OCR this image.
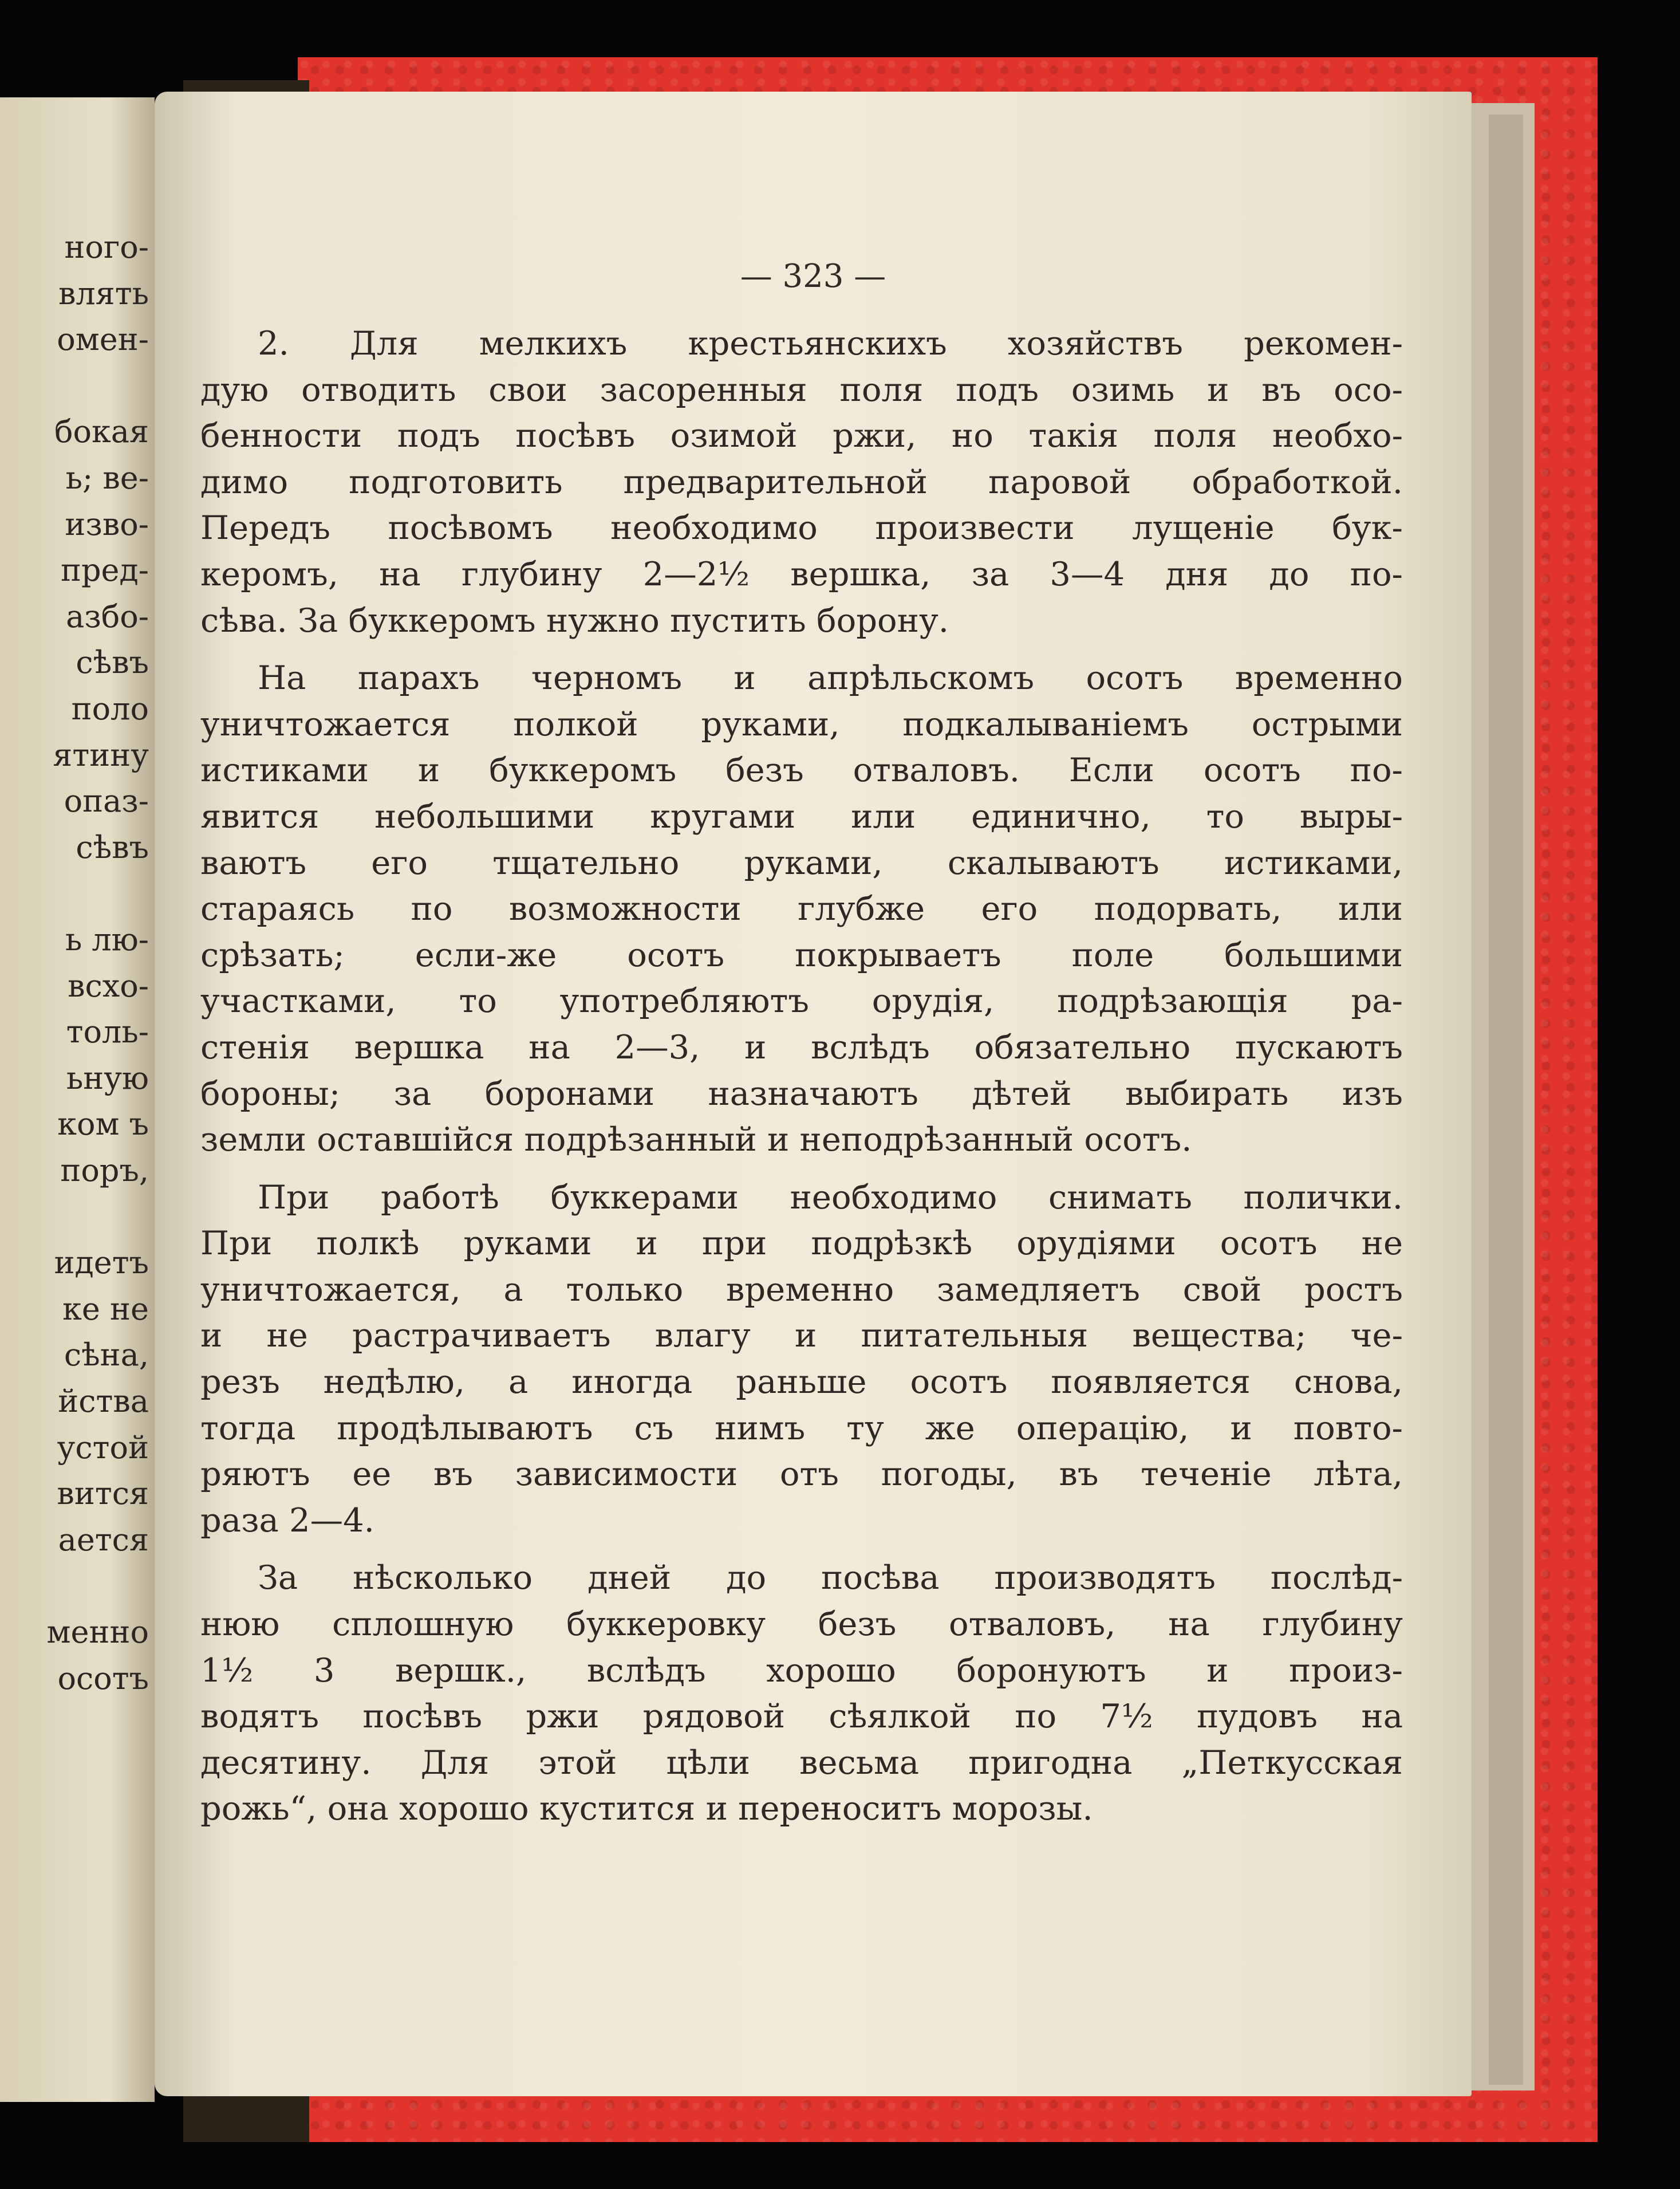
ного-
влять
омен-
бокая
ь; ве-
изво-
пред-
азбо-
сѣвъ
поло
ятину
опаз-
сѣвъ
ь лю-
всхо-
толь-
ьную
ком ъ
поръ,
идетъ
ке не
сѣна,
йства
устой
вится
ается
менно
осотъ
— 323 —
2. Для мелкихъ крестьянскихъ хозяйствъ рекомен-
дую отводить свои засоренныя поля подъ озимь и въ осо-
бенности подъ посѣвъ озимой ржи, но такія поля необхо-
димо подготовить предварительной паровой обработкой.
Передъ посѣвомъ необходимо произвести лущеніе бук-
керомъ, на глубину 2—2½ вершка, за 3—4 дня до по-
сѣва. За буккеромъ нужно пустить борону.
На парахъ черномъ и апрѣльскомъ осотъ временно
уничтожается полкой руками, подкалываніемъ острыми
истиками и буккеромъ безъ отваловъ. Если осотъ по-
явится небольшими кругами или единично, то выры-
ваютъ его тщательно руками, скалываютъ истиками,
стараясь по возможности глубже его подорвать, или
срѣзать; если-же осотъ покрываетъ поле большими
участками, то употребляютъ орудія, подрѣзающія ра-
стенія вершка на 2—3, и вслѣдъ обязательно пускаютъ
бороны; за боронами назначаютъ дѣтей выбирать изъ
земли оставшійся подрѣзанный и неподрѣзанный осотъ.
При работѣ буккерами необходимо снимать полички.
При полкѣ руками и при подрѣзкѣ орудіями осотъ не
уничтожается, а только временно замедляетъ свой ростъ
и не растрачиваетъ влагу и питательныя вещества; че-
резъ недѣлю, а иногда раньше осотъ появляется снова,
тогда продѣлываютъ съ нимъ ту же операцію, и повто-
ряютъ ее въ зависимости отъ погоды, въ теченіе лѣта,
раза 2—4.
За нѣсколько дней до посѣва производятъ послѣд-
нюю сплошную буккеровку безъ отваловъ, на глубину
1½ 3 вершк., вслѣдъ хорошо боронуютъ и произ-
водятъ посѣвъ ржи рядовой сѣялкой по 7½ пудовъ на
десятину. Для этой цѣли весьма пригодна „Петкусская
рожь“, она хорошо кустится и переноситъ морозы.
